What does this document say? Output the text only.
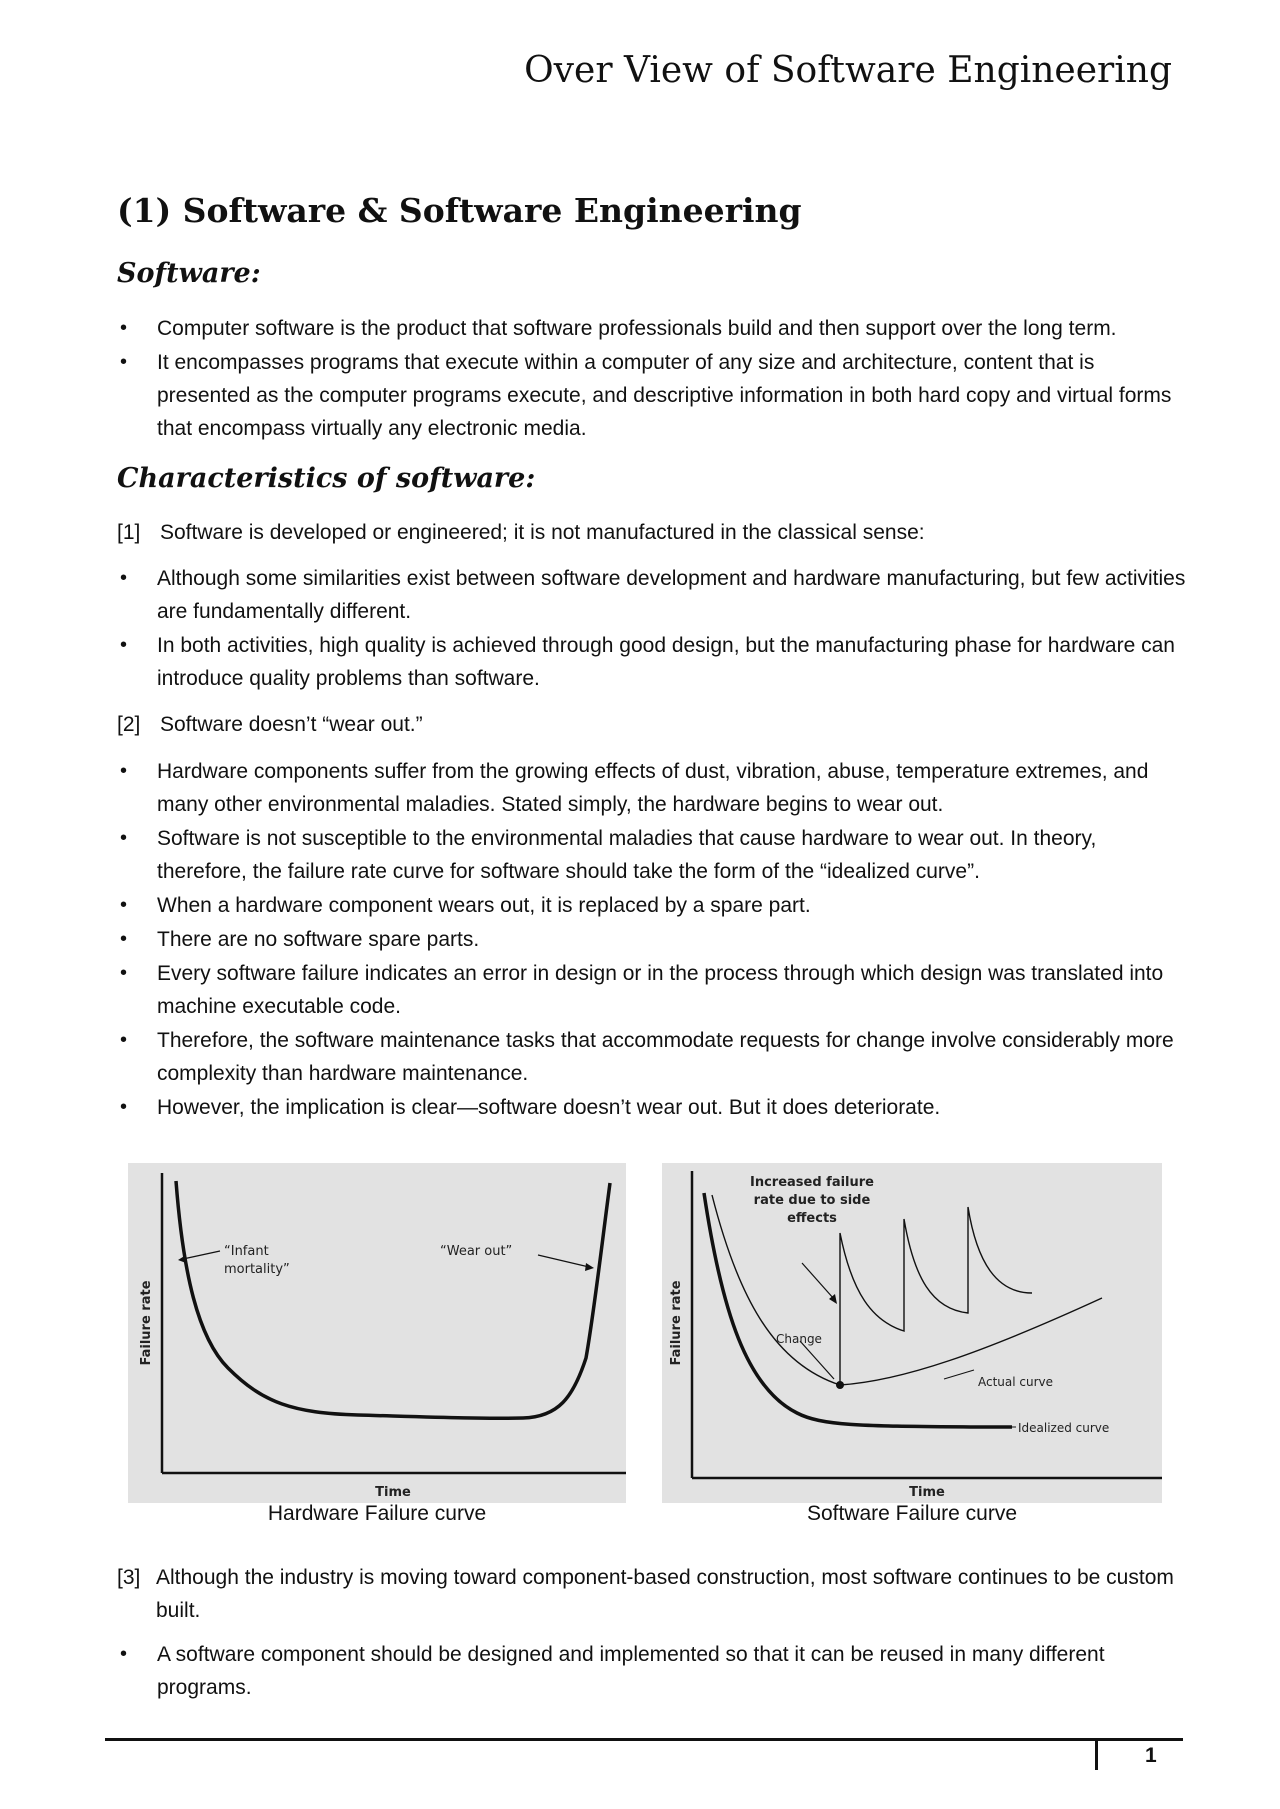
Over View of Software Engineering
(1) Software & Software Engineering
Software:
• Computer software is the product that software professionals build and then support over the long term.
• It encompasses programs that execute within a computer of any size and architecture, content that is presented as the computer programs execute, and descriptive information in both hard copy and virtual forms that encompass virtually any electronic media.
Characteristics of software:
[1] Software is developed or engineered; it is not manufactured in the classical sense:
• Although some similarities exist between software development and hardware manufacturing, but few activities are fundamentally different.
• In both activities, high quality is achieved through good design, but the manufacturing phase for hardware can introduce quality problems than software.
[2] Software doesn’t “wear out.”
• Hardware components suffer from the growing effects of dust, vibration, abuse, temperature extremes, and many other environmental maladies. Stated simply, the hardware begins to wear out.
• Software is not susceptible to the environmental maladies that cause hardware to wear out. In theory, therefore, the failure rate curve for software should take the form of the “idealized curve”.
• When a hardware component wears out, it is replaced by a spare part.
• There are no software spare parts.
• Every software failure indicates an error in design or in the process through which design was translated into machine executable code.
• Therefore, the software maintenance tasks that accommodate requests for change involve considerably more complexity than hardware maintenance.
• However, the implication is clear—software doesn’t wear out. But it does deteriorate.
“Infant
mortality”
“Wear out”
Failure rate
Time
Hardware Failure curve
Increased failure
rate due to side
effects
Change
Actual curve
Idealized curve
Failure rate
Time
Software Failure curve
[3] Although the industry is moving toward component-based construction, most software continues to be custom built.
• A software component should be designed and implemented so that it can be reused in many different programs.
1
